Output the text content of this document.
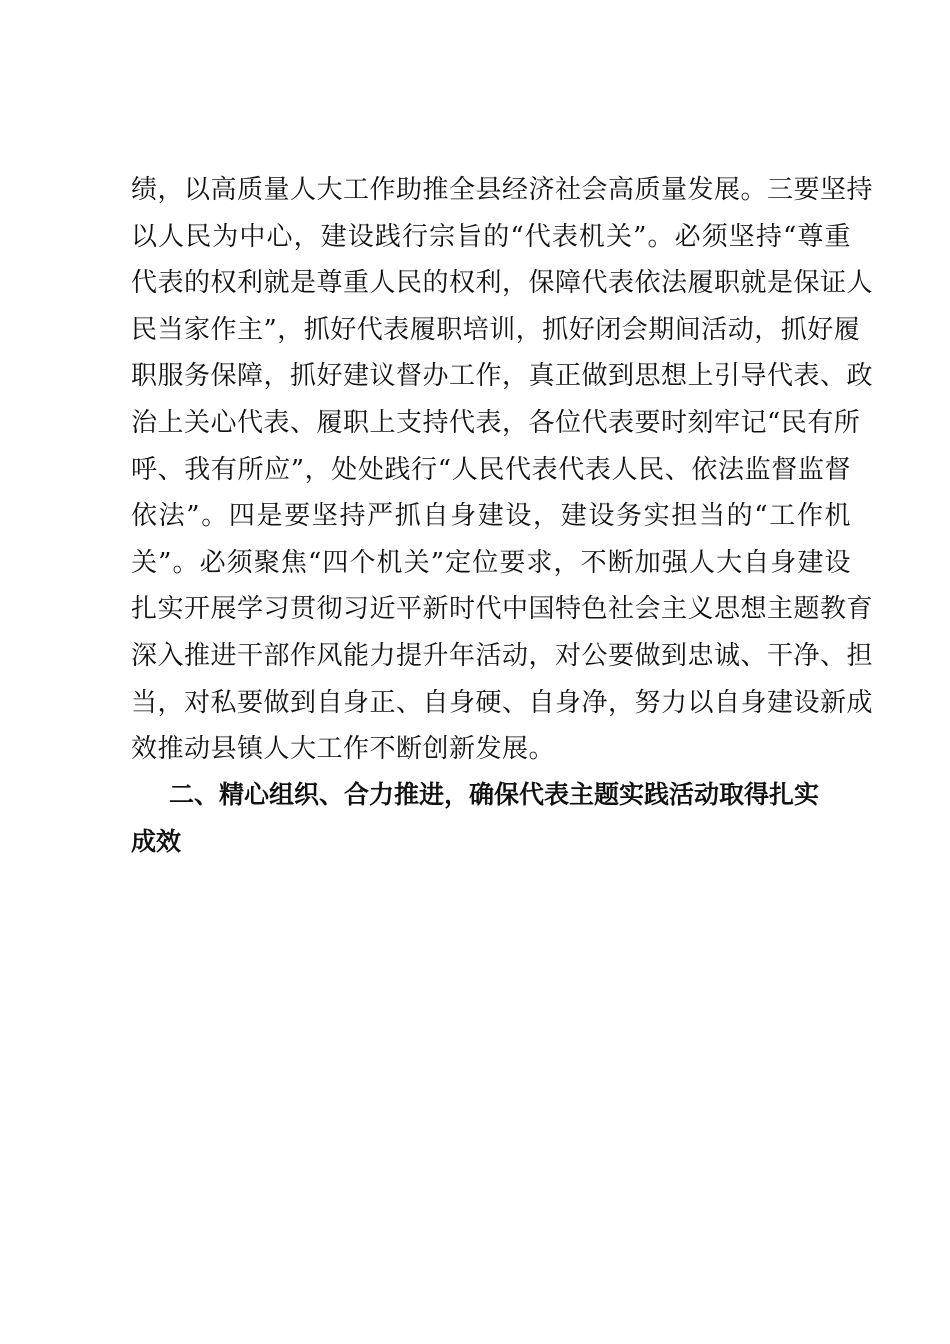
绩，以高质量人大工作助推全县经济社会高质量发展。三要坚持
以人民为中心，建设践行宗旨的“代表机关”。必须坚持“尊重
代表的权利就是尊重人民的权利，保障代表依法履职就是保证人
民当家作主”，抓好代表履职培训，抓好闭会期间活动，抓好履
职服务保障，抓好建议督办工作，真正做到思想上引导代表、政
治上关心代表、履职上支持代表，各位代表要时刻牢记“民有所
呼、我有所应”，处处践行“人民代表代表人民、依法监督监督
依法”。四是要坚持严抓自身建设，建设务实担当的“工作机
关”。必须聚焦“四个机关”定位要求，不断加强人大自身建设
扎实开展学习贯彻习近平新时代中国特色社会主义思想主题教育
深入推进干部作风能力提升年活动，对公要做到忠诚、干净、担
当，对私要做到自身正、自身硬、自身净，努力以自身建设新成
效推动县镇人大工作不断创新发展。
二、精心组织、合力推进，确保代表主题实践活动取得扎实
成效
